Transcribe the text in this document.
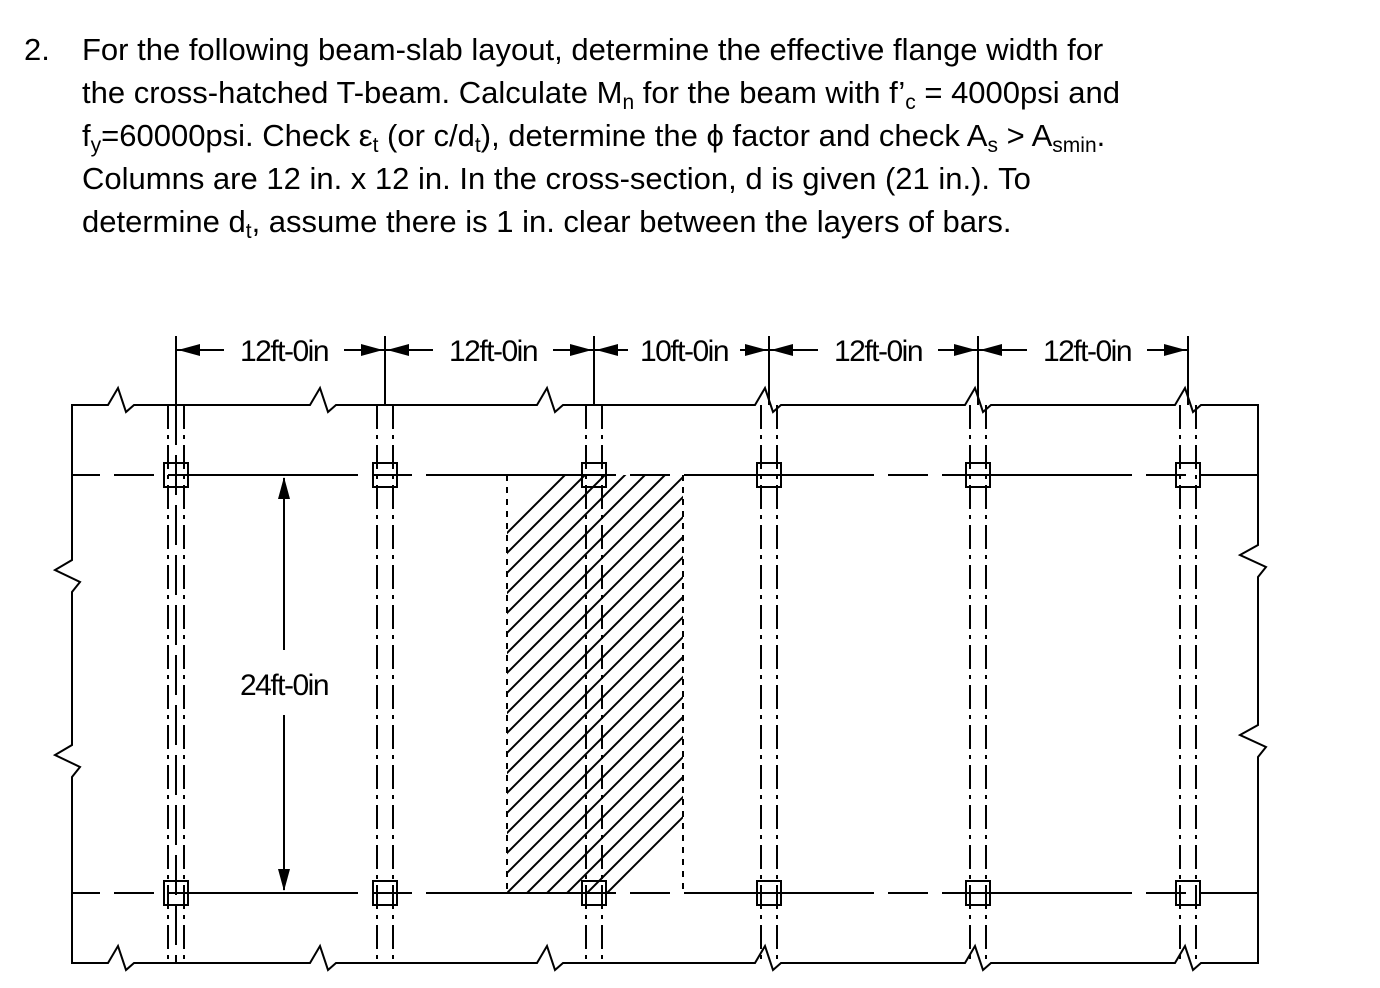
2. For the following beam-slab layout, determine the effective flange width for
the cross-hatched T-beam. Calculate $M_n$ for the beam with $f’_c = 4000psi$ and
$f_y=60000psi$. Check $\varepsilon_t$ (or $c/d_t$), determine the ϕ factor and check $A_s > A_{smin}$.
Columns are 12 in. x 12 in. In the cross-section, d is given (21 in.). To
determine $d_t$, assume there is 1 in. clear between the layers of bars.
12ft-0in	12ft-0in	10ft-0in	12ft-0in	12ft-0in
24ft-0in
